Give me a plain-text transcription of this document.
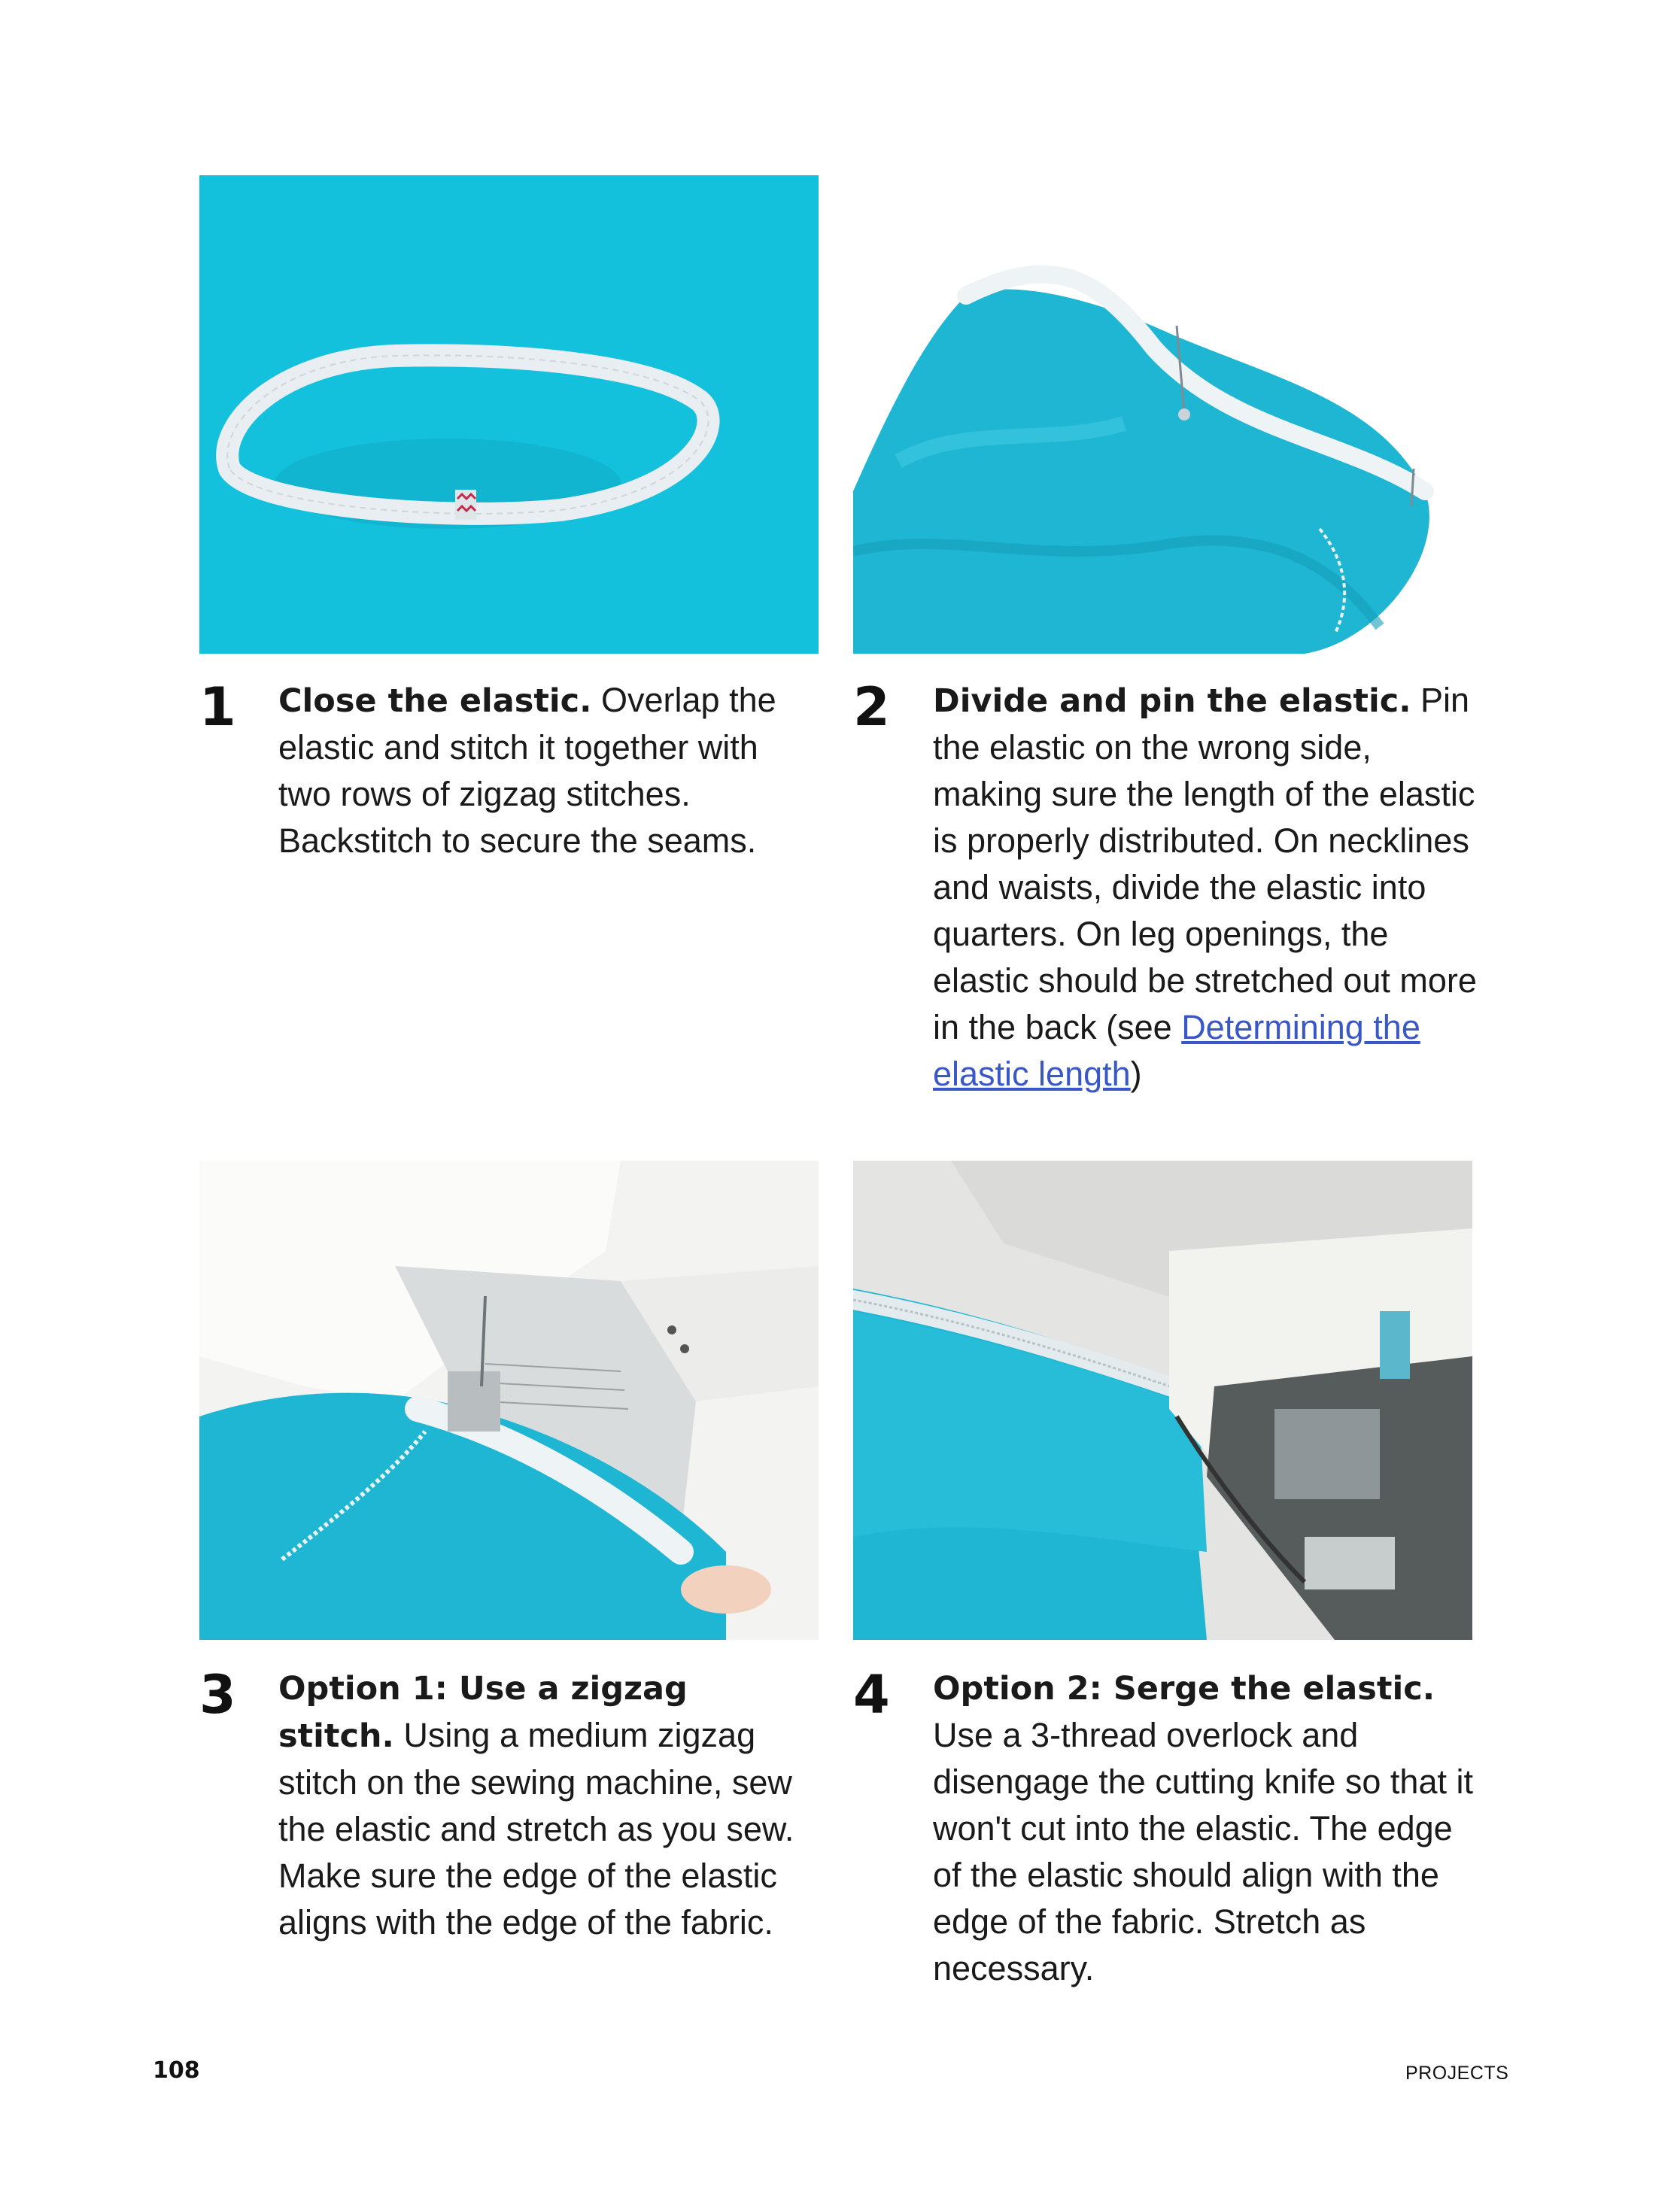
1 Close the elastic. Overlap the elastic and stitch it together with two rows of zigzag stitches. Backstitch to secure the seams.
2 Divide and pin the elastic. Pin the elastic on the wrong side, making sure the length of the elastic is properly distributed. On necklines and waists, divide the elastic into quarters. On leg openings, the elastic should be stretched out more in the back (see Determining the elastic length)
3 Option 1: Use a zigzag stitch. Using a medium zigzag stitch on the sewing machine, sew the elastic and stretch as you sew. Make sure the edge of the elastic aligns with the edge of the fabric.
4 Option 2: Serge the elastic. Use a 3-thread overlock and disengage the cutting knife so that it won't cut into the elastic. The edge of the elastic should align with the edge of the fabric. Stretch as necessary.
108	PROJECTS
